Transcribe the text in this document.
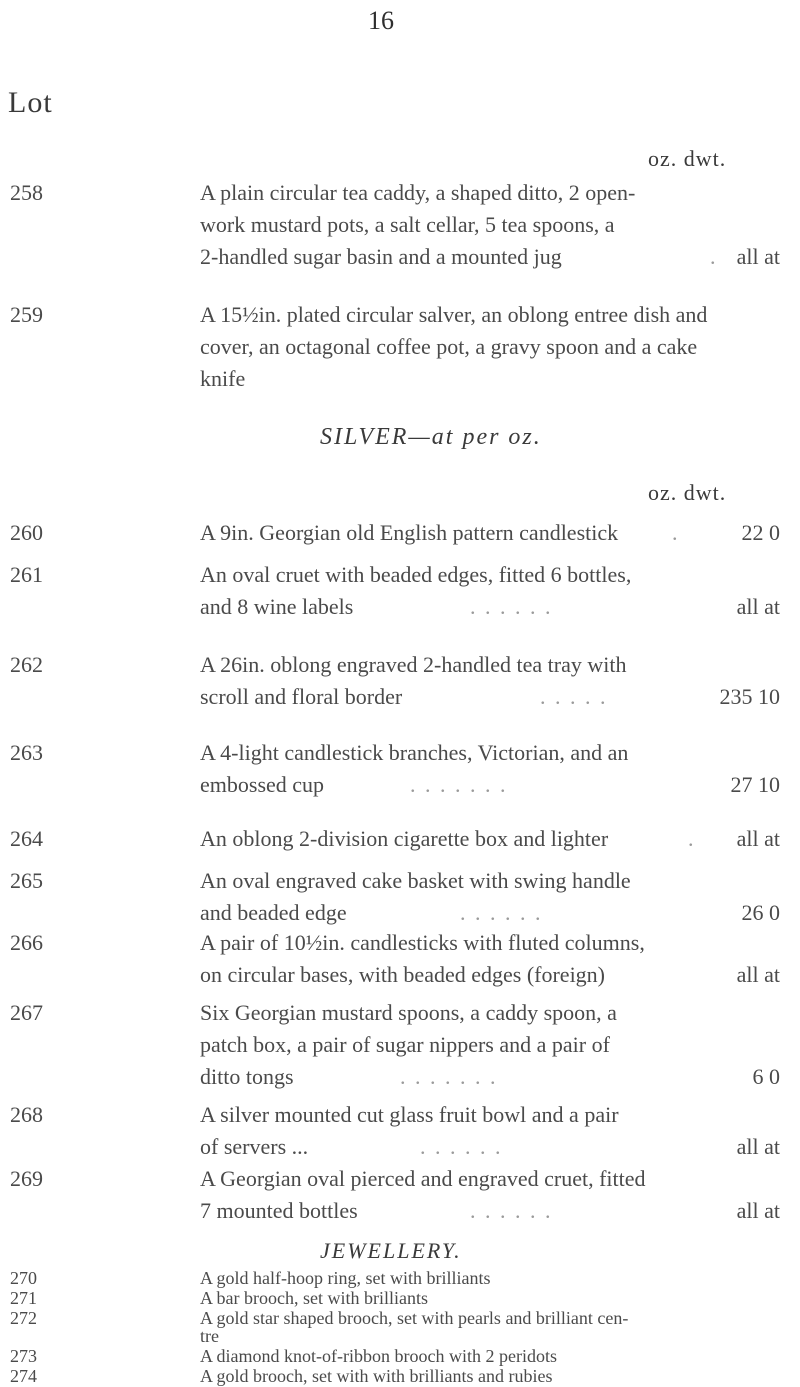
16
Lot
oz. dwt.
SILVER—at per oz.
oz. dwt.
JEWELLERY.
258	A plain circular tea caddy, a shaped ditto, 2 open-
work mustard pots, a salt cellar, 5 tea spoons, a
2-handled sugar basin and a mounted jug	. all at
259	A 15½in. plated circular salver, an oblong entree dish and
cover, an octagonal coffee pot, a gravy spoon and a cake
knife
260	A 9in. Georgian old English pattern candlestick .	22 0
261	An oval cruet with beaded edges, fitted 6 bottles,
and 8 wine labels	. . . . . .	all at
262	A 26in. oblong engraved 2-handled tea tray with
scroll and floral border	. . . . .	235 10
263	A 4-light candlestick branches, Victorian, and an
embossed cup	. . . . . . .	27 10
264	An oblong 2-division cigarette box and lighter	. all at
265	An oval engraved cake basket with swing handle
and beaded edge	. . . . . .	26 0
266	A pair of 10½in. candlesticks with fluted columns,
on circular bases, with beaded edges (foreign)	all at
267	Six Georgian mustard spoons, a caddy spoon, a
patch box, a pair of sugar nippers and a pair of
ditto tongs	. . . . . . .	6 0
268	A silver mounted cut glass fruit bowl and a pair
of servers ...	. . . . . .	all at
269	A Georgian oval pierced and engraved cruet, fitted
7 mounted bottles	. . . . . .	all at
270	A gold half-hoop ring, set with brilliants
271	A bar brooch, set with brilliants
272	A gold star shaped brooch, set with pearls and brilliant cen-
tre
273	A diamond knot-of-ribbon brooch with 2 peridots
274	A gold brooch, set with with brilliants and rubies
